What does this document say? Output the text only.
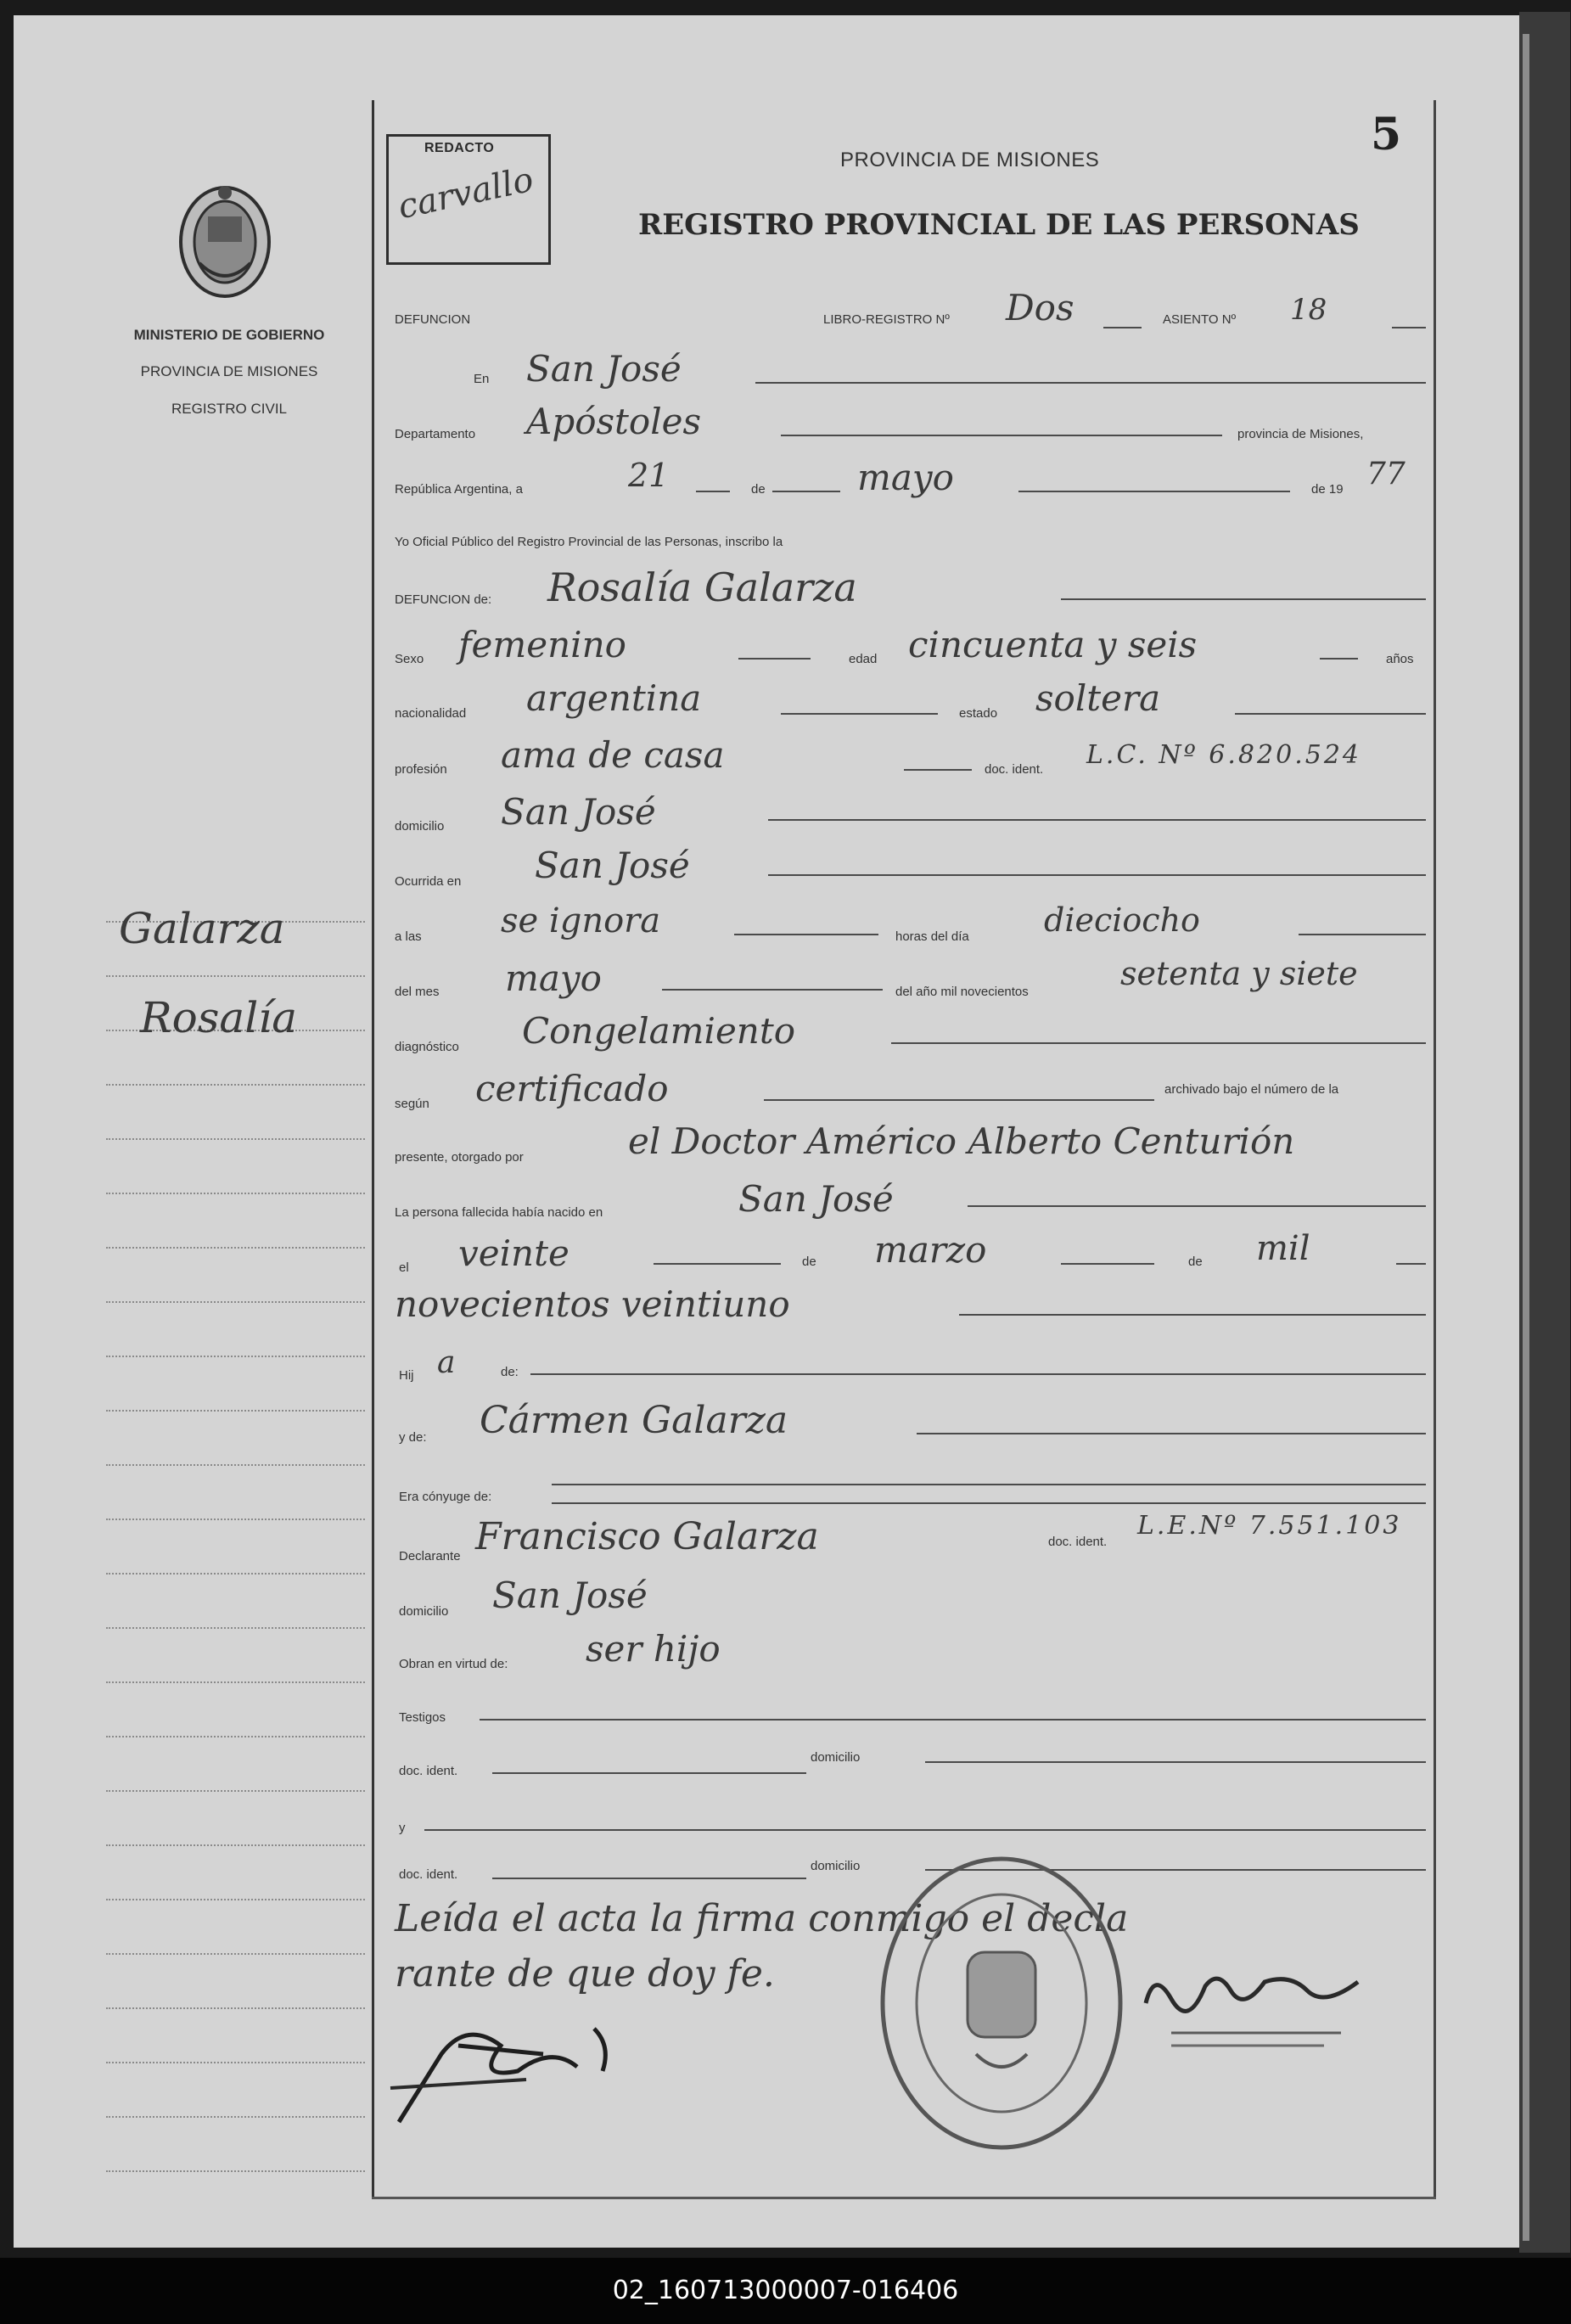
5
MINISTERIO DE GOBIERNO
PROVINCIA DE MISIONES
REGISTRO CIVIL
Galarza
Rosalía
REDACTO
carvallo
PROVINCIA DE MISIONES
REGISTRO PROVINCIAL DE LAS PERSONAS
DEFUNCION	LIBRO-REGISTRO Nº Dos	ASIENTO Nº 18
En San José
Departamento Apóstoles	provincia de Misiones,
República Argentina, a	21	de	mayo	de 19 77
Yo Oficial Público del Registro Provincial de las Personas, inscribo la
DEFUNCION de: Rosalía Galarza
Sexo femenino	edad cincuenta y seis	años
nacionalidad argentina	estado soltera
profesión ama de casa	doc. ident. L.C. Nº 6.820.524
domicilio San José
Ocurrida en San José
a las se ignora	horas del día dieciocho
del mes mayo	del año mil novecientos	setenta y siete
diagnóstico Congelamiento
según certificado	archivado bajo el número de la
presente, otorgado por	el Doctor Américo Alberto Centurión
La persona fallecida había nacido en	San José
el veinte	de marzo	de mil
novecientos veintiuno
Hij a	de:
y de: Cármen Galarza
Era cónyuge de:
Declarante Francisco Galarza	doc. ident.
L.E.Nº 7.551.103
domicilio San José
Obran en virtud de: ser hijo
Testigos
doc. ident.
domicilio
y
doc. ident.
domicilio
Leída el acta la firma conmigo el decla
rante de que doy fe.
02_160713000007-016406
